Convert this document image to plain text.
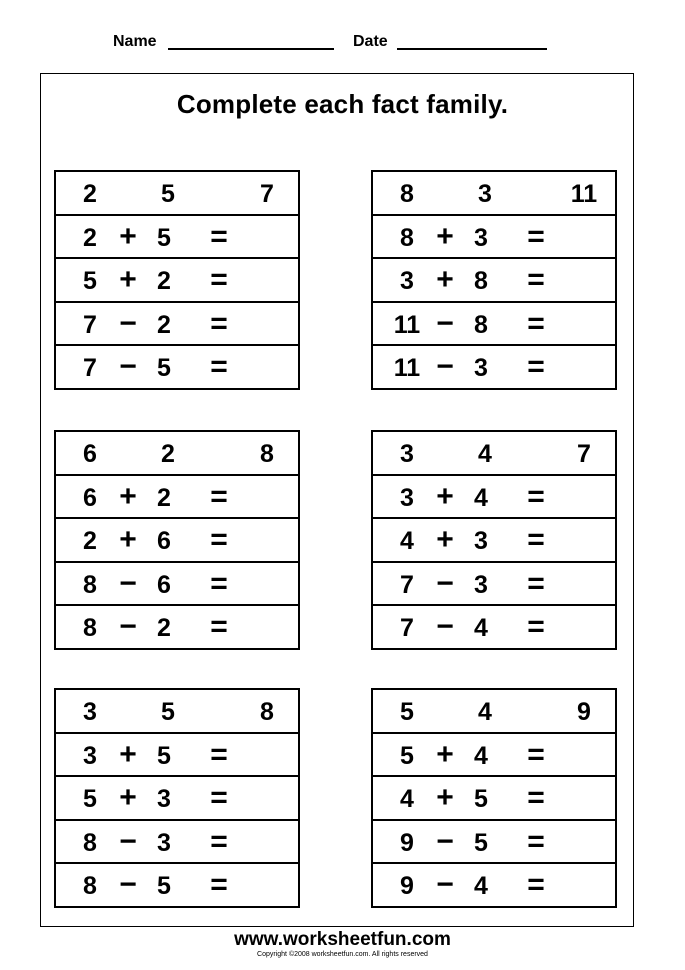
Name	Date
Complete each fact family.
2	5	7
2 + 5	=
5 + 2	=
7 − 2	=
7 − 5	=
8	3	11
8 + 3	=
3 + 8	=
11 − 8	=
11 − 3	=
6	2	8
6 + 2	=
2 + 6	=
8 − 6	=
8 − 2	=
3	4	7
3 + 4	=
4 + 3	=
7 − 3	=
7 − 4	=
3	5	8
3 + 5	=
5 + 3	=
8 − 3	=
8 − 5	=
5	4	9
5 + 4	=
4 + 5	=
9 − 5	=
9 − 4	=
www.worksheetfun.com
Copyright ©2008 worksheetfun.com. All rights reserved
